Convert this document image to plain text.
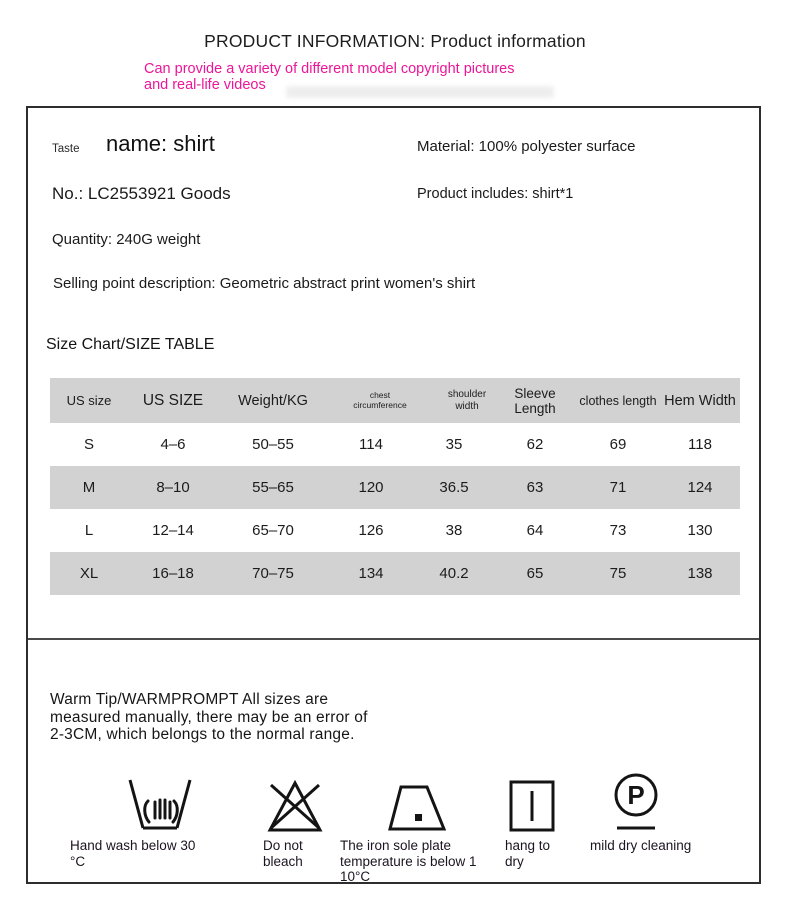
PRODUCT INFORMATION: Product information
Can provide a variety of different model copyright pictures
and real-life videos
Taste name: shirt	Material: 100% polyester surface
No.: LC2553921 Goods	Product includes: shirt*1
Quantity: 240G weight
Selling point description: Geometric abstract print women's shirt
Size Chart/SIZE TABLE
US size	US SIZE	Weight/KG	chest circumference	shoulder width	Sleeve Length	clothes length	Hem Width
S	4–6	50–55	114	35	62	69	118
M	8–10	55–65	120	36.5	63	71	124
L	12–14	65–70	126	38	64	73	130
XL	16–18	70–75	134	40.2	65	75	138
Warm Tip/WARMPROMPT All sizes are
measured manually, there may be an error of
2-3CM, which belongs to the normal range.
Hand wash below 30
°C
Do not
bleach
The iron sole plate
temperature is below 1
10°C
hang to
dry
P
mild dry cleaning
